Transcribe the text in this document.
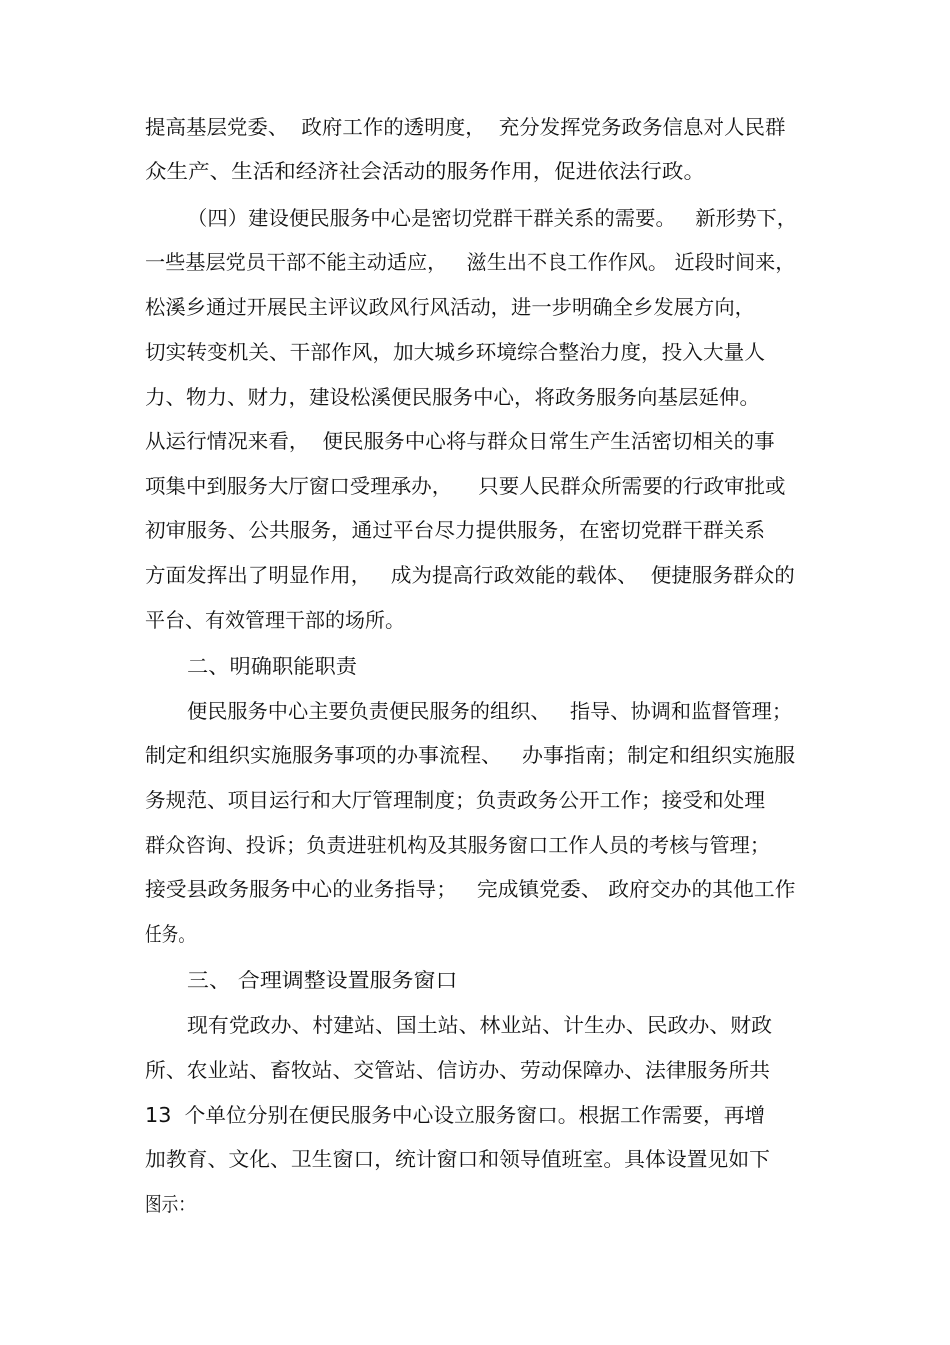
提高基层党委、  政府工作的透明度，  充分发挥党务政务信息对人民群
众生产、生活和经济社会活动的服务作用，促进依法行政。
（四）建设便民服务中心是密切党群干群关系的需要。   新形势下，
一些基层党员干部不能主动适应，   滋生出不良工作作风。 近段时间来，
松溪乡通过开展民主评议政风行风活动，进一步明确全乡发展方向，
切实转变机关、干部作风，加大城乡环境综合整治力度，投入大量人
力、物力、财力，建设松溪便民服务中心，将政务服务向基层延伸。
从运行情况来看，  便民服务中心将与群众日常生产生活密切相关的事
项集中到服务大厅窗口受理承办，    只要人民群众所需要的行政审批或
初审服务、公共服务，通过平台尽力提供服务，在密切党群干群关系
方面发挥出了明显作用，   成为提高行政效能的载体、  便捷服务群众的
平台、有效管理干部的场所。
二、明确职能职责
便民服务中心主要负责便民服务的组织、   指导、协调和监督管理；
制定和组织实施服务事项的办事流程、   办事指南；制定和组织实施服
务规范、项目运行和大厅管理制度；负责政务公开工作；接受和处理
群众咨询、投诉；负责进驻机构及其服务窗口工作人员的考核与管理；
接受县政务服务中心的业务指导；   完成镇党委、 政府交办的其他工作
任务。
三、 合理调整设置服务窗口
现有党政办、村建站、国土站、林业站、计生办、民政办、财政
所、农业站、畜牧站、交管站、信访办、劳动保障办、法律服务所共
13  个单位分别在便民服务中心设立服务窗口。根据工作需要，再增
加教育、文化、卫生窗口，统计窗口和领导值班室。具体设置见如下
图示：
